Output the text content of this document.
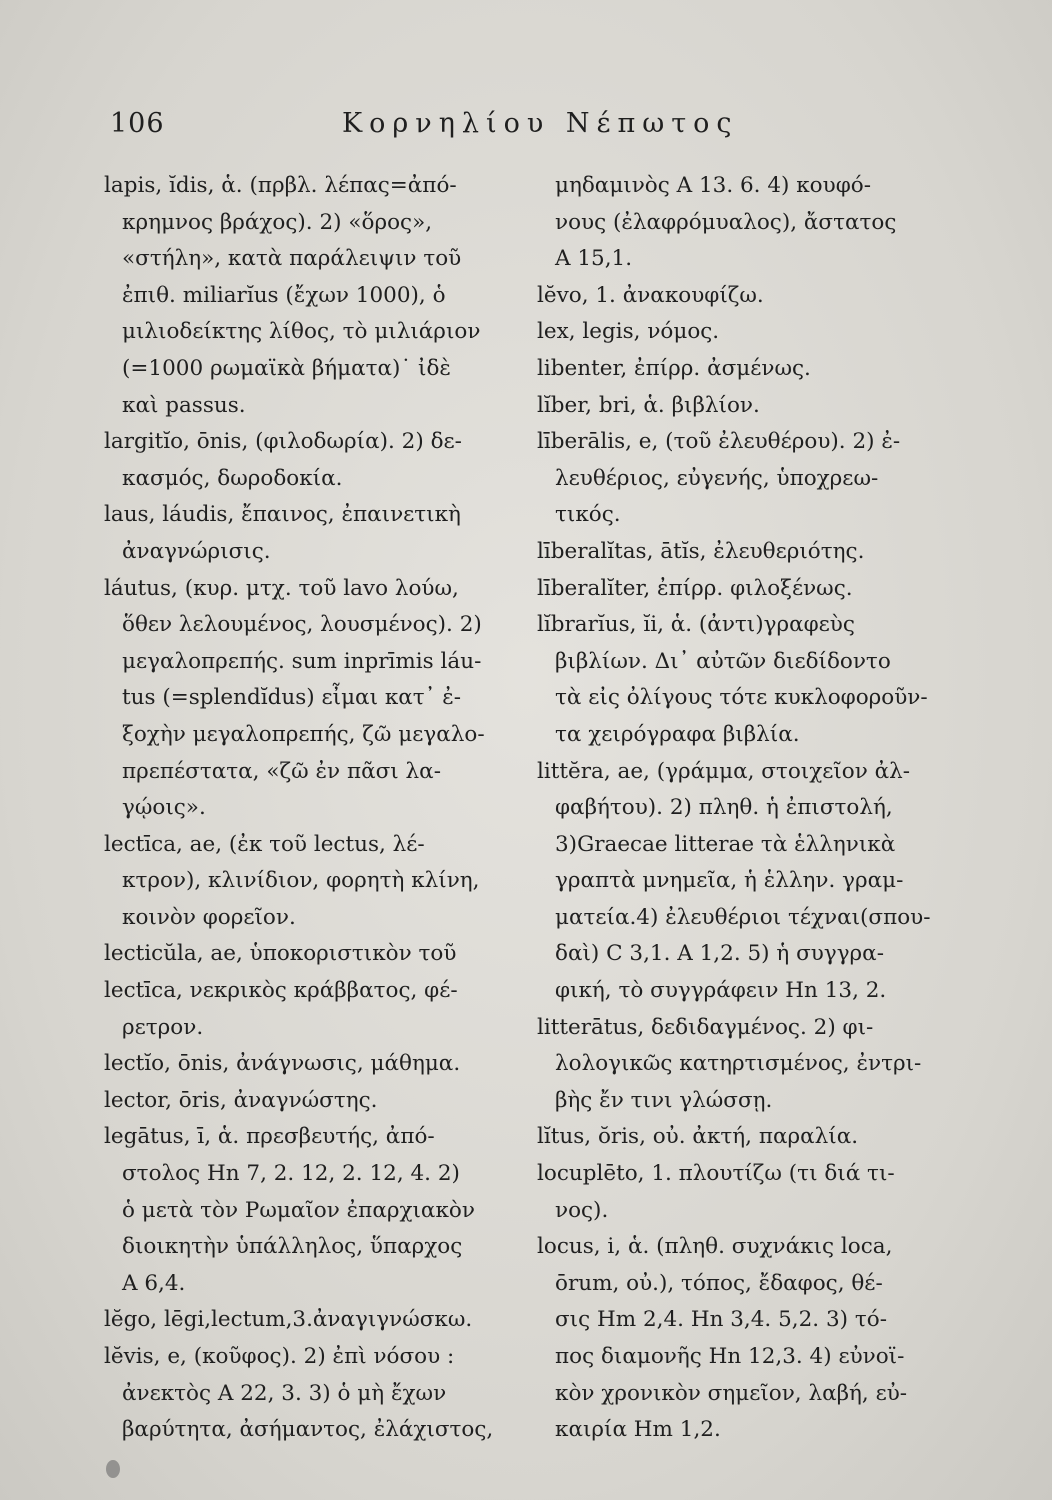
106	Κορνηλίου Νέπωτος
lapis, ĭdis, ἁ. (πρβλ. λέπας=ἀπό-
κρημνος βράχος). 2) «ὅρος»,
«στήλη», κατὰ παράλειψιν τοῦ
ἐπιθ. miliarĭus (ἔχων 1000), ὁ
μιλιοδείκτης λίθος, τὸ μιλιάριον
(=1000 ρωμαϊκὰ βήματα)˙ ἰδὲ
καὶ passus.
largitĭo, ōnis, (φιλοδωρία). 2) δε-
κασμός, δωροδοκία.
laus, láudis, ἔπαινος, ἐπαινετικὴ
ἀναγνώρισις.
láutus, (κυρ. μτχ. τοῦ lavo λούω,
ὅθεν λελουμένος, λουσμένος). 2)
μεγαλοπρεπής. sum inprīmis láu-
tus (=splendĭdus) εἶμαι κατ᾽ ἐ-
ξοχὴν μεγαλοπρεπής, ζῶ μεγαλο-
πρεπέστατα, «ζῶ ἐν πᾶσι λα-
γῴοις».
lectīca, ae, (ἐκ τοῦ lectus, λέ-
κτρον), κλινίδιον, φορητὴ κλίνη,
κοινὸν φορεῖον.
lecticŭla, ae, ὑποκοριστικὸν τοῦ
lectīca, νεκρικὸς κράββατος, φέ-
ρετρον.
lectĭo, ōnis, ἀνάγνωσις, μάθημα.
lector, ōris, ἀναγνώστης.
legātus, ī, ἁ. πρεσβευτής, ἀπό-
στολος Hn 7, 2. 12, 2. 12, 4. 2)
ὁ μετὰ τὸν Ρωμαῖον ἐπαρχιακὸν
διοικητὴν ὑπάλληλος, ὕπαρχος
A 6,4.
lĕgo, lēgi,lectum,3.ἀναγιγνώσκω.
lĕvis, e, (κοῦφος). 2) ἐπὶ νόσου :
ἀνεκτὸς A 22, 3. 3) ὁ μὴ ἔχων
βαρύτητα, ἀσήμαντος, ἐλάχιστος,
μηδαμινὸς A 13. 6. 4) κουφό-
νους (ἐλαφρόμυαλος), ἄστατος
A 15,1.
lĕvo, 1. ἀνακουφίζω.
lex, legis, νόμος.
libenter, ἐπίρρ. ἀσμένως.
lĭber, bri, ἁ. βιβλίον.
līberālis, e, (τοῦ ἐλευθέρου). 2) ἐ-
λευθέριος, εὐγενής, ὑποχρεω-
τικός.
līberalĭtas, ātĭs, ἐλευθεριότης.
līberalĭter, ἐπίρρ. φιλοξένως.
lĭbrarĭus, ĭi, ἁ. (ἀντι)γραφεὺς
βιβλίων. Δι᾽ αὐτῶν διεδίδοντο
τὰ εἰς ὀλίγους τότε κυκλοφοροῦν-
τα χειρόγραφα βιβλία.
littĕra, ae, (γράμμα, στοιχεῖον ἀλ-
φαβήτου). 2) πληθ. ἡ ἐπιστολή,
3)Graecae litterae τὰ ἑλληνικὰ
γραπτὰ μνημεῖα, ἡ ἑλλην. γραμ-
ματεία.4) ἐλευθέριοι τέχναι(σπου-
δαὶ) C 3,1. A 1,2. 5) ἡ συγγρα-
φική, τὸ συγγράφειν Hn 13, 2.
litterātus, δεδιδαγμένος. 2) φι-
λολογικῶς κατηρτισμένος, ἐντρι-
βὴς ἔν τινι γλώσσῃ.
lĭtus, ŏris, οὐ. ἀκτή, παραλία.
locuplēto, 1. πλουτίζω (τι διά τι-
νος).
locus, i, ἁ. (πληθ. συχνάκις loca,
ōrum, οὐ.), τόπος, ἔδαφος, θέ-
σις Hm 2,4. Hn 3,4. 5,2. 3) τό-
πος διαμονῆς Hn 12,3. 4) εὐνοϊ-
κὸν χρονικὸν σημεῖον, λαβή, εὐ-
καιρία Hm 1,2.
